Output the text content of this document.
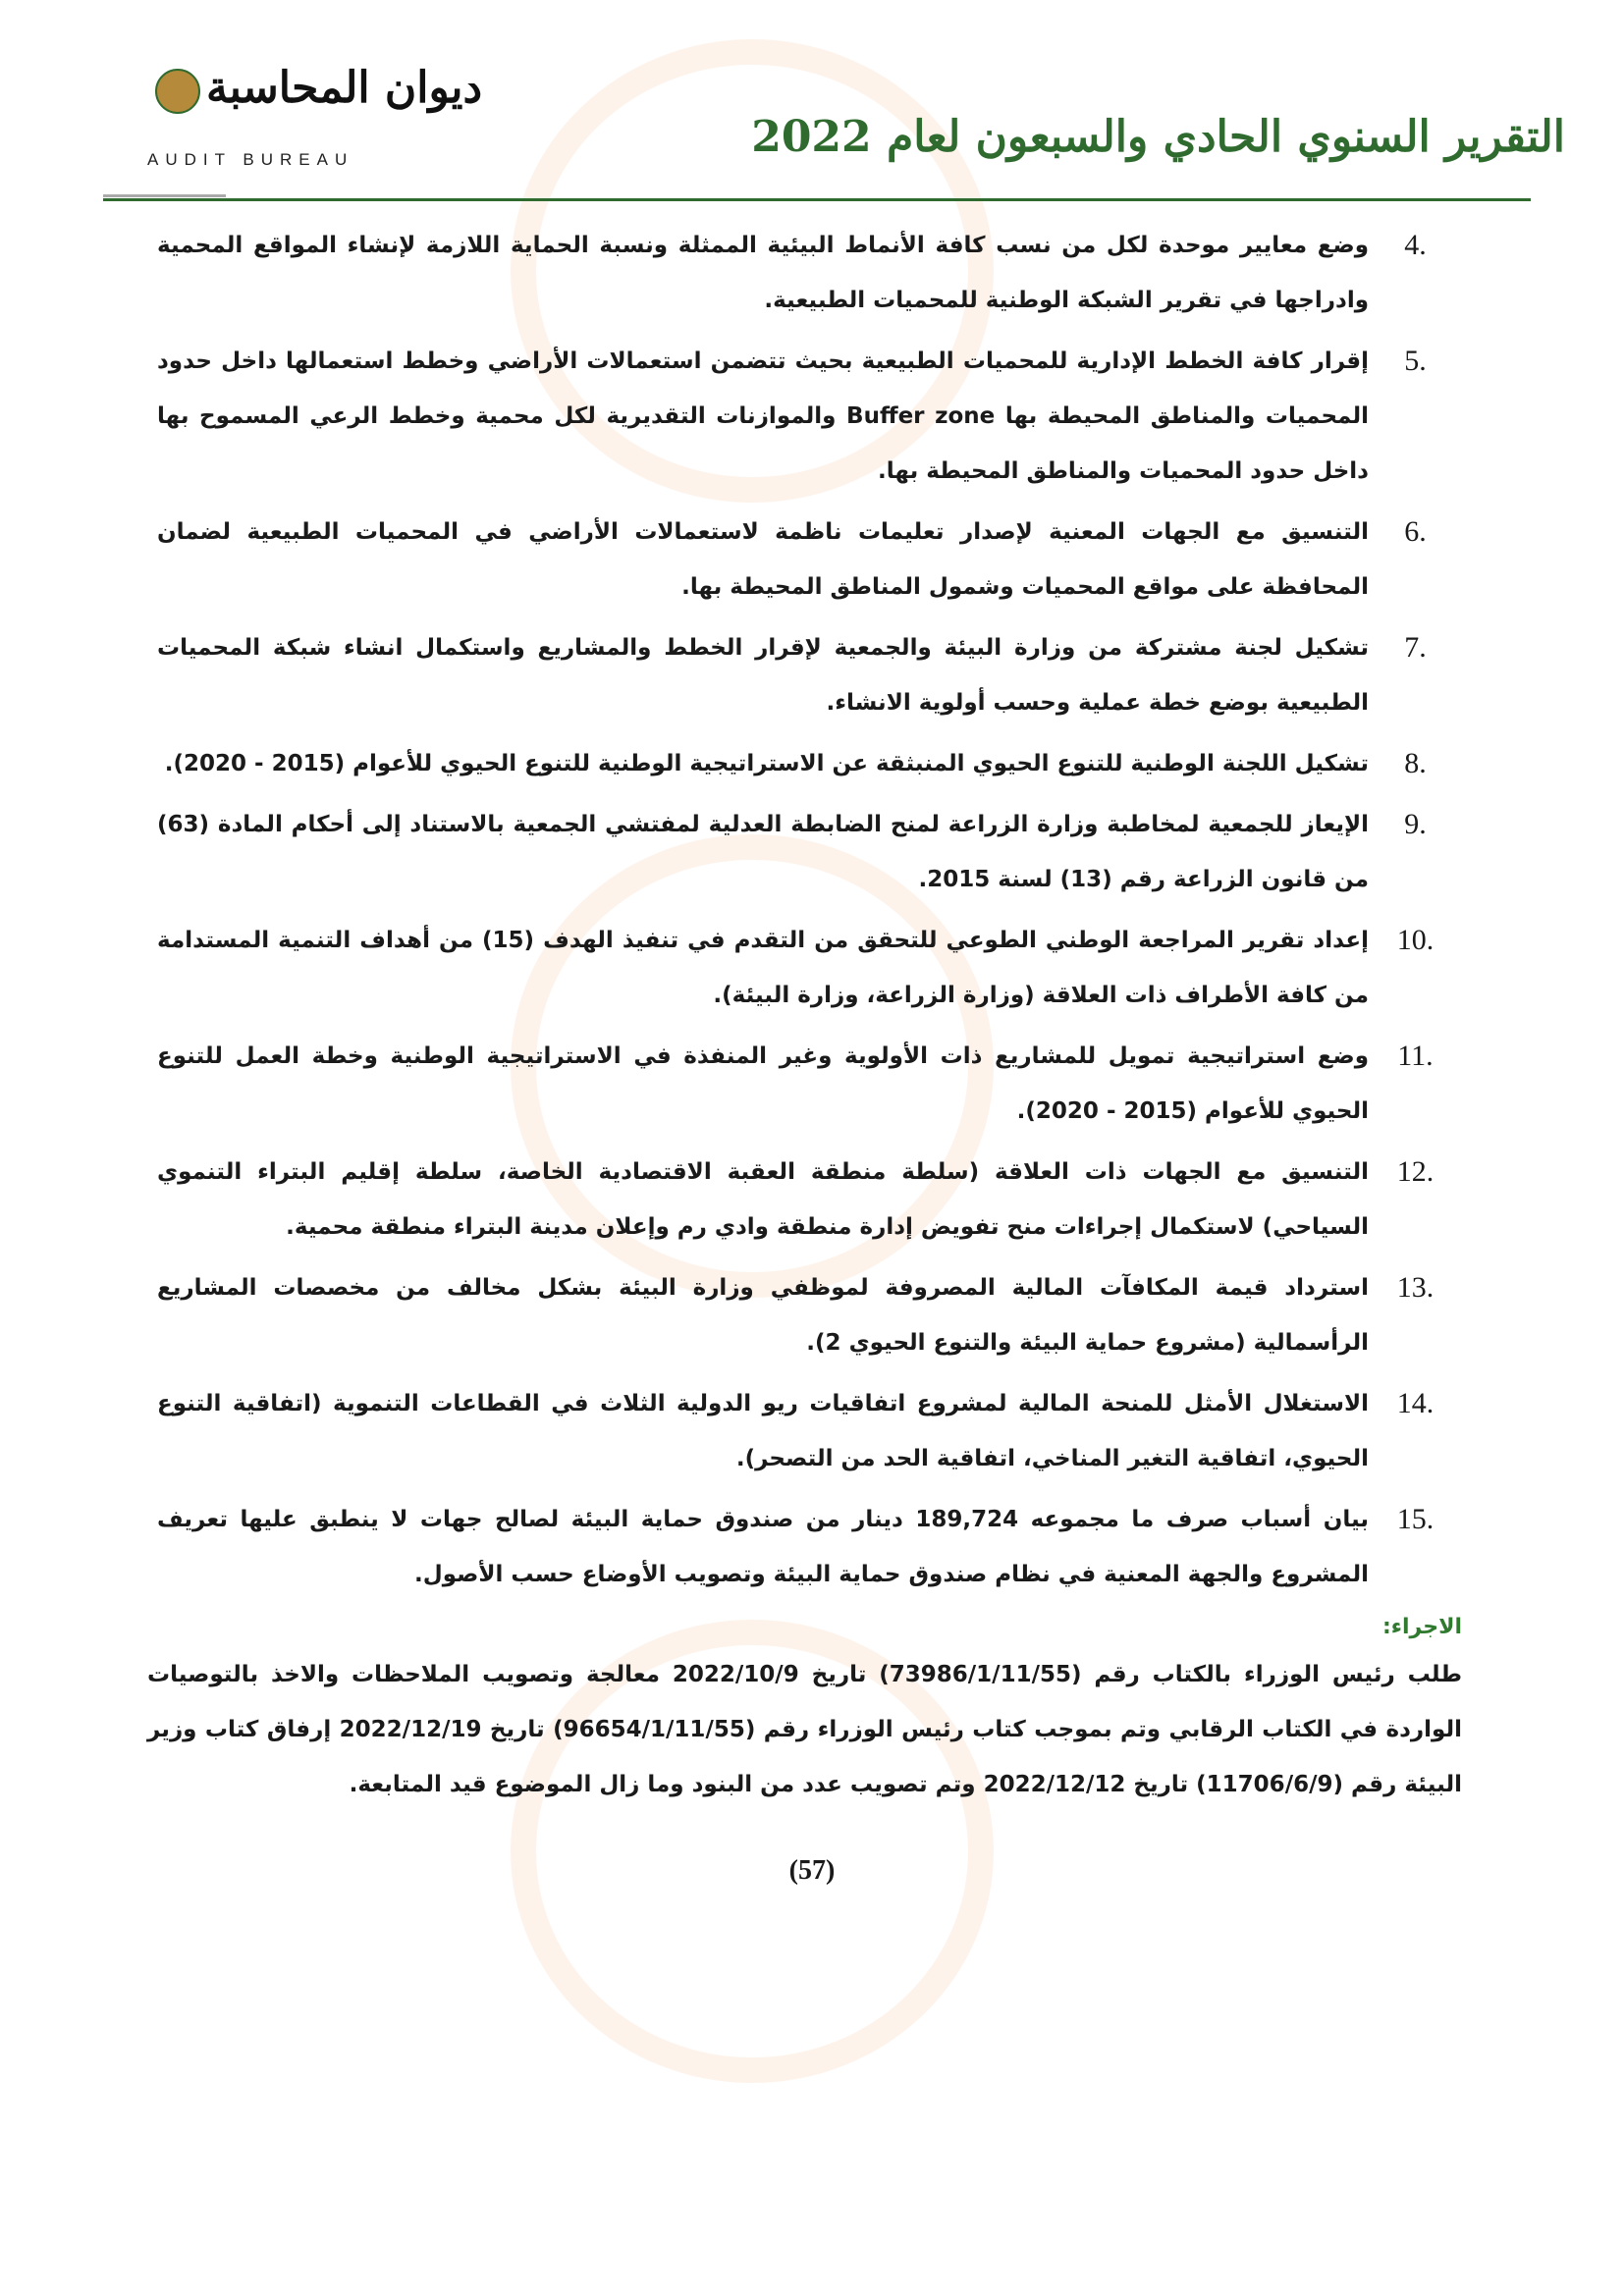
ديوان المحاسبة
AUDIT BUREAU	التقرير السنوي الحادي والسبعون لعام 2022
4.
وضع معايير موحدة لكل من نسب كافة الأنماط البيئية الممثلة ونسبة الحماية اللازمة لإنشاء المواقع المحمية وادراجها في تقرير الشبكة الوطنية للمحميات الطبيعية.
5.
إقرار كافة الخطط الإدارية للمحميات الطبيعية بحيث تتضمن استعمالات الأراضي وخطط استعمالها داخل حدود المحميات والمناطق المحيطة بها Buffer zone والموازنات التقديرية لكل محمية وخطط الرعي المسموح بها داخل حدود المحميات والمناطق المحيطة بها.
6.
التنسيق مع الجهات المعنية لإصدار تعليمات ناظمة لاستعمالات الأراضي في المحميات الطبيعية لضمان المحافظة على مواقع المحميات وشمول المناطق المحيطة بها.
7.
تشكيل لجنة مشتركة من وزارة البيئة والجمعية لإقرار الخطط والمشاريع واستكمال انشاء شبكة المحميات الطبيعية بوضع خطة عملية وحسب أولوية الانشاء.
8.
تشكيل اللجنة الوطنية للتنوع الحيوي المنبثقة عن الاستراتيجية الوطنية للتنوع الحيوي للأعوام (2015 - 2020).
9.
الإيعاز للجمعية لمخاطبة وزارة الزراعة لمنح الضابطة العدلية لمفتشي الجمعية بالاستناد إلى أحكام المادة (63) من قانون الزراعة رقم (13) لسنة 2015.
10.
إعداد تقرير المراجعة الوطني الطوعي للتحقق من التقدم في تنفيذ الهدف (15) من أهداف التنمية المستدامة من كافة الأطراف ذات العلاقة (وزارة الزراعة، وزارة البيئة).
11.
وضع استراتيجية تمويل للمشاريع ذات الأولوية وغير المنفذة في الاستراتيجية الوطنية وخطة العمل للتنوع الحيوي للأعوام (2015 - 2020).
12.
التنسيق مع الجهات ذات العلاقة (سلطة منطقة العقبة الاقتصادية الخاصة، سلطة إقليم البتراء التنموي السياحي) لاستكمال إجراءات منح تفويض إدارة منطقة وادي رم وإعلان مدينة البتراء منطقة محمية.
13.
استرداد قيمة المكافآت المالية المصروفة لموظفي وزارة البيئة بشكل مخالف من مخصصات المشاريع الرأسمالية (مشروع حماية البيئة والتنوع الحيوي 2).
14.
الاستغلال الأمثل للمنحة المالية لمشروع اتفاقيات ريو الدولية الثلاث في القطاعات التنموية (اتفاقية التنوع الحيوي، اتفاقية التغير المناخي، اتفاقية الحد من التصحر).
15.
بيان أسباب صرف ما مجموعه 189,724 دينار من صندوق حماية البيئة لصالح جهات لا ينطبق عليها تعريف المشروع والجهة المعنية في نظام صندوق حماية البيئة وتصويب الأوضاع حسب الأصول.
الاجراء:
طلب رئيس الوزراء بالكتاب رقم (73986/1/11/55) تاريخ 2022/10/9 معالجة وتصويب الملاحظات والاخذ بالتوصيات الواردة في الكتاب الرقابي وتم بموجب كتاب رئيس الوزراء رقم (96654/1/11/55) تاريخ 2022/12/19 إرفاق كتاب وزير البيئة رقم (11706/6/9) تاريخ 2022/12/12 وتم تصويب عدد من البنود وما زال الموضوع قيد المتابعة.
(57)
